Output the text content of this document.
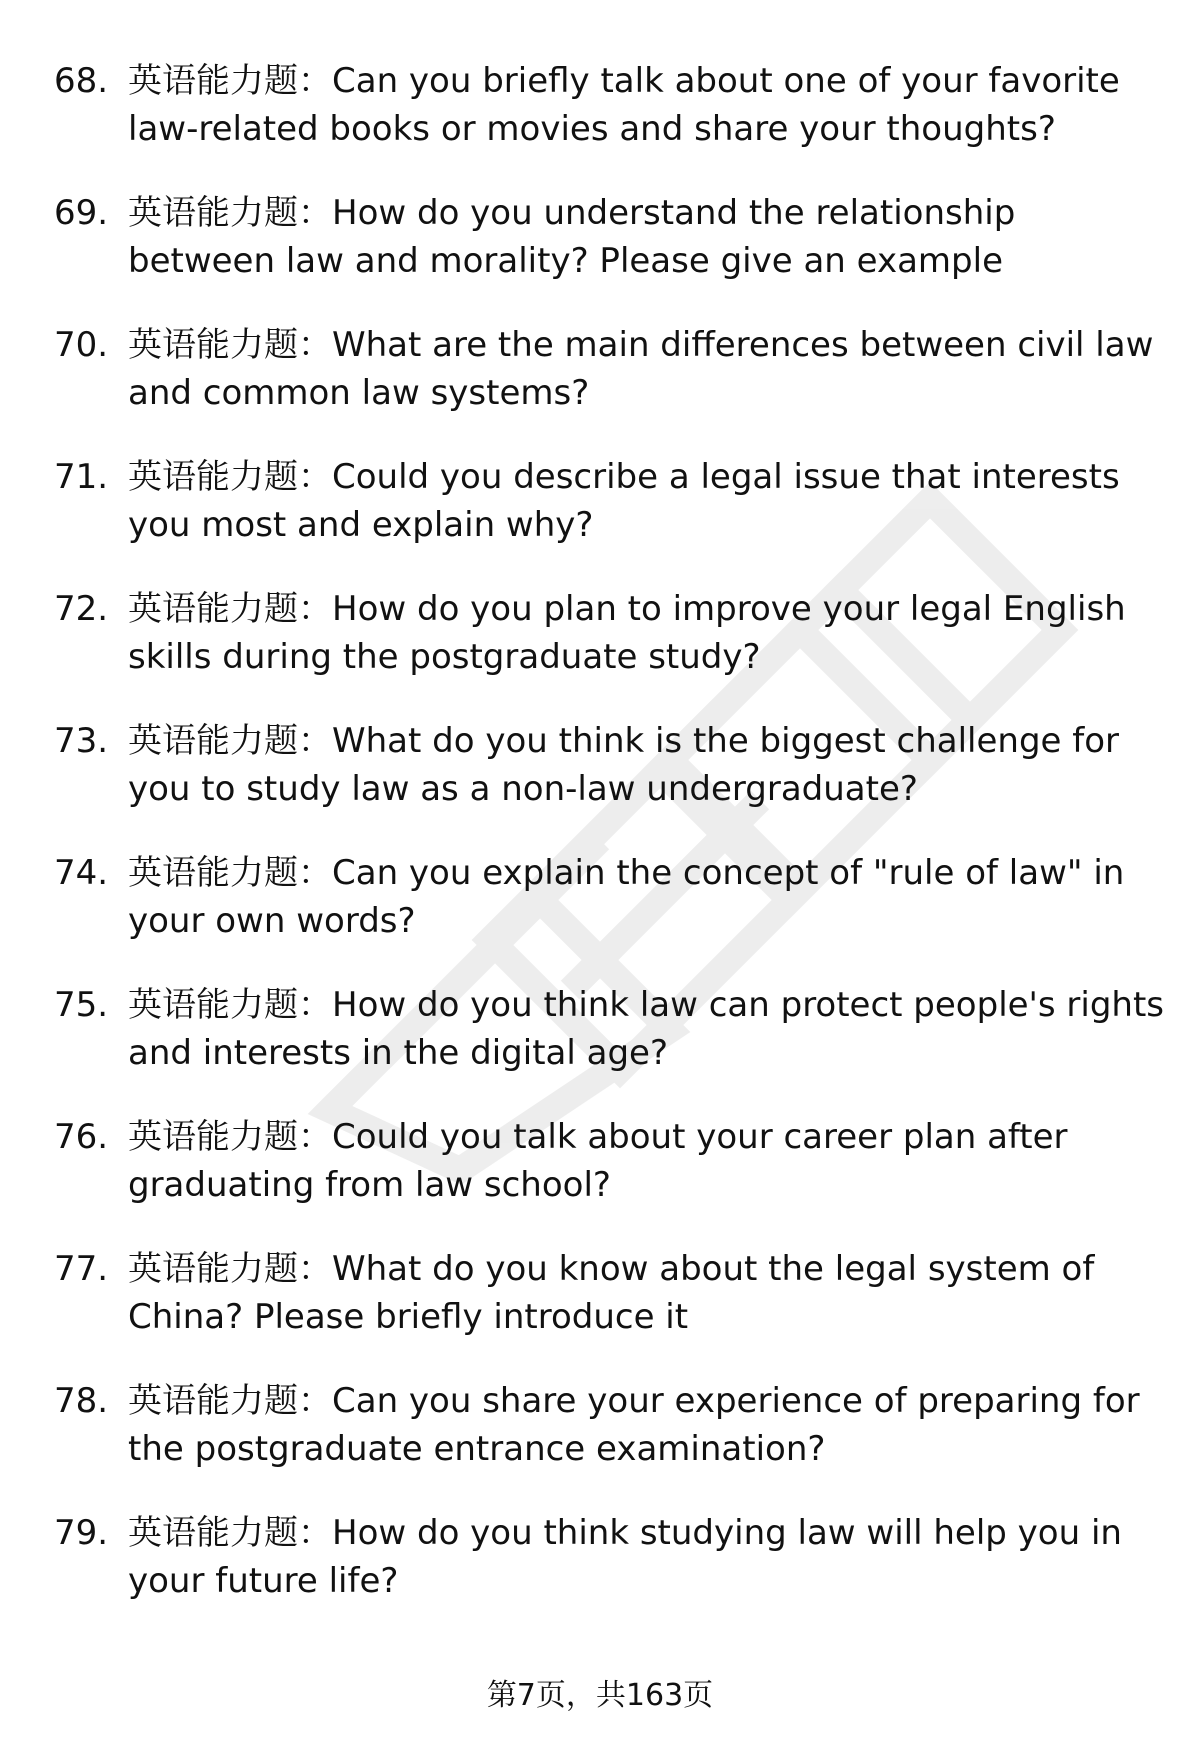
68. 英语能力题：Can you briefly talk about one of your favorite law-related books or movies and share your thoughts?
69. 英语能力题：How do you understand the relationship between law and morality? Please give an example
70. 英语能力题：What are the main differences between civil law and common law systems?
71. 英语能力题：Could you describe a legal issue that interests you most and explain why?
72. 英语能力题：How do you plan to improve your legal English skills during the postgraduate study?
73. 英语能力题：What do you think is the biggest challenge for you to study law as a non-law undergraduate?
74. 英语能力题：Can you explain the concept of "rule of law" in your own words?
75. 英语能力题：How do you think law can protect people's rights and interests in the digital age?
76. 英语能力题：Could you talk about your career plan after graduating from law school?
77. 英语能力题：What do you know about the legal system of China? Please briefly introduce it
78. 英语能力题：Can you share your experience of preparing for the postgraduate entrance examination?
79. 英语能力题：How do you think studying law will help you in your future life?
第7页，共163页
